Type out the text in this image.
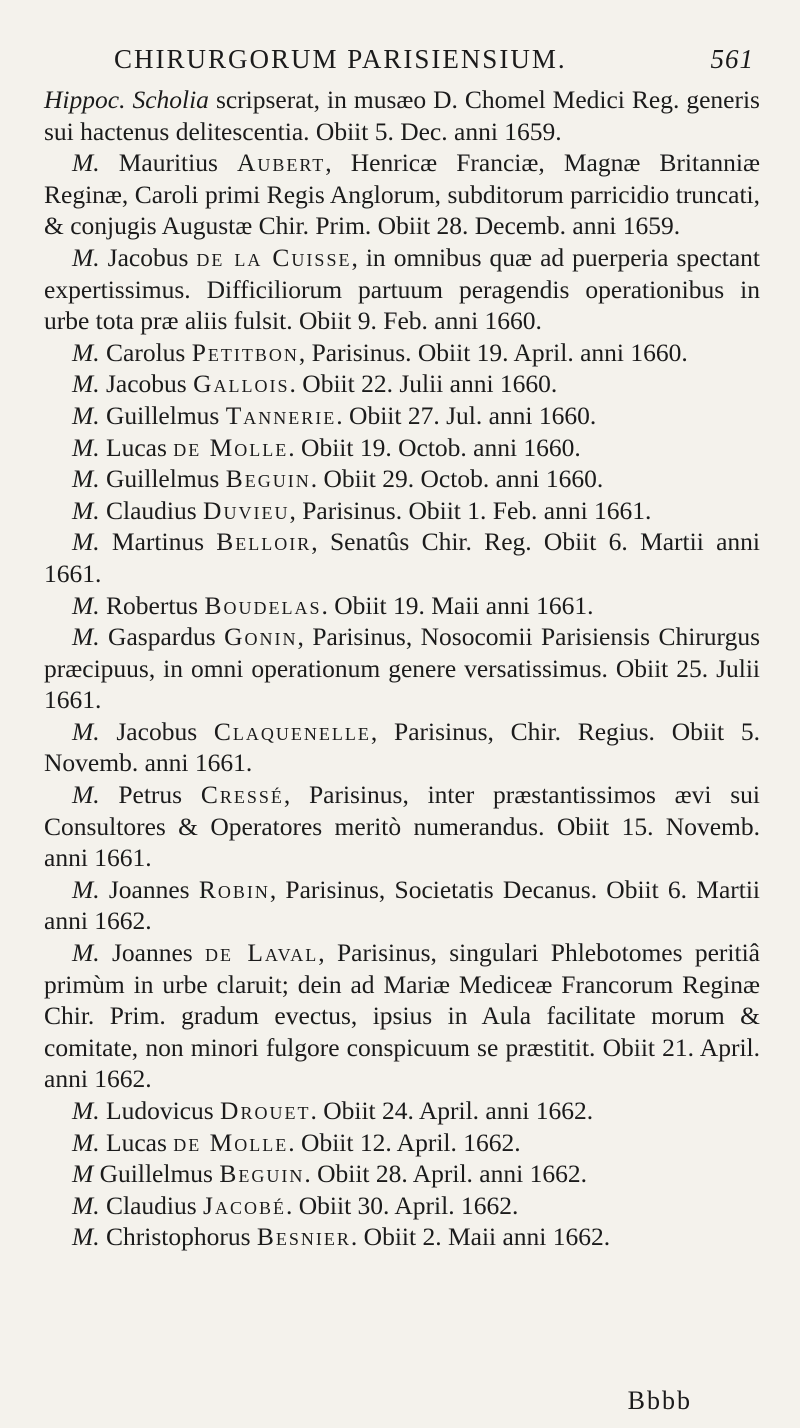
CHIRURGORUM PARISIENSIUM.	561

Hippoc. Scholia scripserat, in musæo D. Chomel Medici Reg. generis sui hactenus delitescentia. Obiit 5. Dec. anni 1659.

M. Mauritius Aubert, Henricæ Franciæ, Magnæ Britanniæ Reginæ, Caroli primi Regis Anglorum, subditorum parricidio truncati, & conjugis Augustæ Chir. Prim. Obiit 28. Decemb. anni 1659.

M. Jacobus de la Cuisse, in omnibus quæ ad puerperia spectant expertissimus. Difficiliorum partuum peragendis operationibus in urbe tota præ aliis fulsit. Obiit 9. Feb. anni 1660.

M. Carolus Petitbon, Parisinus. Obiit 19. April. anni 1660.

M. Jacobus Gallois. Obiit 22. Julii anni 1660.

M. Guillelmus Tannerie. Obiit 27. Jul. anni 1660.

M. Lucas de Molle. Obiit 19. Octob. anni 1660.

M. Guillelmus Beguin. Obiit 29. Octob. anni 1660.

M. Claudius Duvieu, Parisinus. Obiit 1. Feb. anni 1661.

M. Martinus Belloir, Senatûs Chir. Reg. Obiit 6. Martii anni 1661.

M. Robertus Boudelas. Obiit 19. Maii anni 1661.

M. Gaspardus Gonin, Parisinus, Nosocomii Parisiensis Chirurgus præcipuus, in omni operationum genere versatissimus. Obiit 25. Julii 1661.

M. Jacobus Claquenelle, Parisinus, Chir. Regius. Obiit 5. Novemb. anni 1661.

M. Petrus Cressé, Parisinus, inter præstantissimos ævi sui Consultores & Operatores meritò numerandus. Obiit 15. Novemb. anni 1661.

M. Joannes Robin, Parisinus, Societatis Decanus. Obiit 6. Martii anni 1662.

M. Joannes de Laval, Parisinus, singulari Phlebotomes peritiâ primùm in urbe claruit; dein ad Mariæ Mediceæ Francorum Reginæ Chir. Prim. gradum evectus, ipsius in Aula facilitate morum & comitate, non minori fulgore conspicuum se præstitit. Obiit 21. April. anni 1662.

M. Ludovicus Drouet. Obiit 24. April. anni 1662.

M. Lucas de Molle. Obiit 12. April. 1662.

M Guillelmus Beguin. Obiit 28. April. anni 1662.

M. Claudius Jacobé. Obiit 30. April. 1662.

M. Christophorus Besnier. Obiit 2. Maii anni 1662.

Bbbb
